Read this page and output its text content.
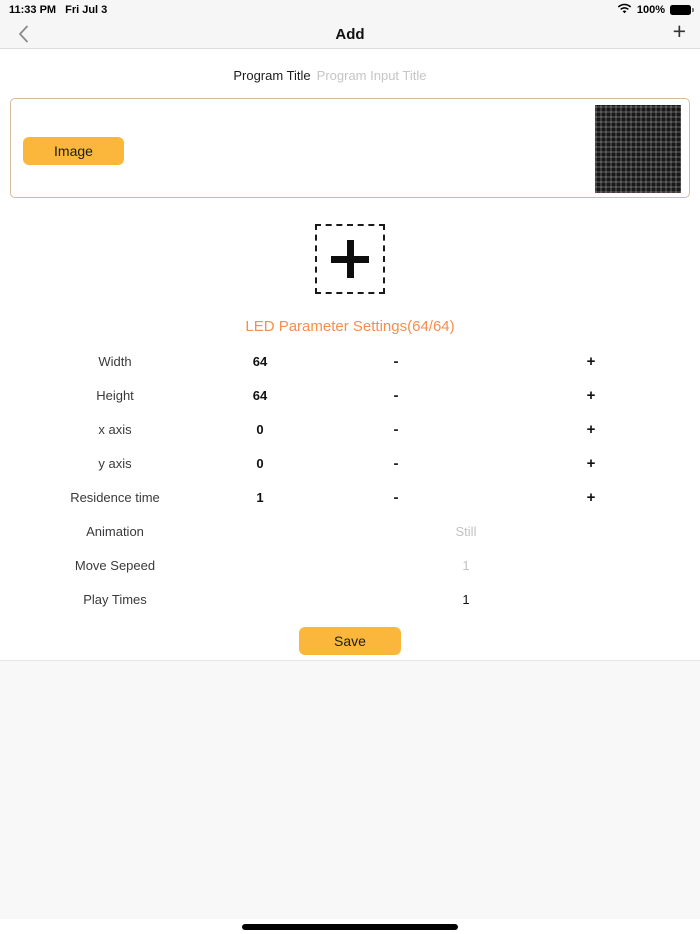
11:33 PM Fri Jul 3	100%
Add	+
Program Title
Program Input Title
Image
LED Parameter Settings(64/64)
Width	64	-	+
Height	64	-	+
x axis	0	-	+
y axis	0	-	+
Residence time	1	-	+
Animation	Still
Move Sepeed	1
Play Times	1
Save
